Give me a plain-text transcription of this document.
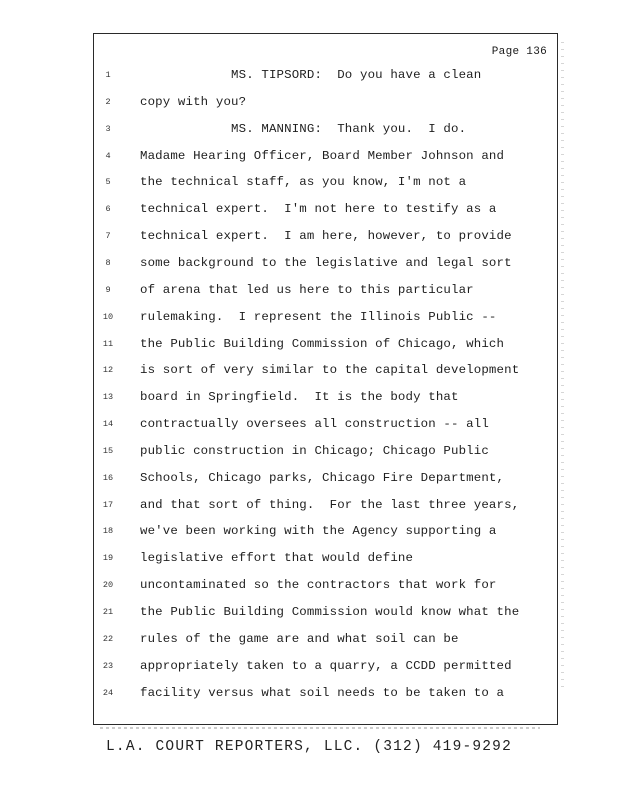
Page 136
1	MS. TIPSORD:  Do you have a clean
2	copy with you?
3	MS. MANNING:  Thank you.  I do.
4	Madame Hearing Officer, Board Member Johnson and
5	the technical staff, as you know, I'm not a
6	technical expert.  I'm not here to testify as a
7	technical expert.  I am here, however, to provide
8	some background to the legislative and legal sort
9	of arena that led us here to this particular
10 rulemaking.  I represent the Illinois Public --
11 the Public Building Commission of Chicago, which
12 is sort of very similar to the capital development
13 board in Springfield.  It is the body that
14 contractually oversees all construction -- all
15 public construction in Chicago; Chicago Public
16 Schools, Chicago parks, Chicago Fire Department,
17 and that sort of thing.  For the last three years,
18 we've been working with the Agency supporting a
19 legislative effort that would define
20 uncontaminated so the contractors that work for
21 the Public Building Commission would know what the
22 rules of the game are and what soil can be
23 appropriately taken to a quarry, a CCDD permitted
24 facility versus what soil needs to be taken to a
L.A. COURT REPORTERS, LLC. (312) 419-9292
